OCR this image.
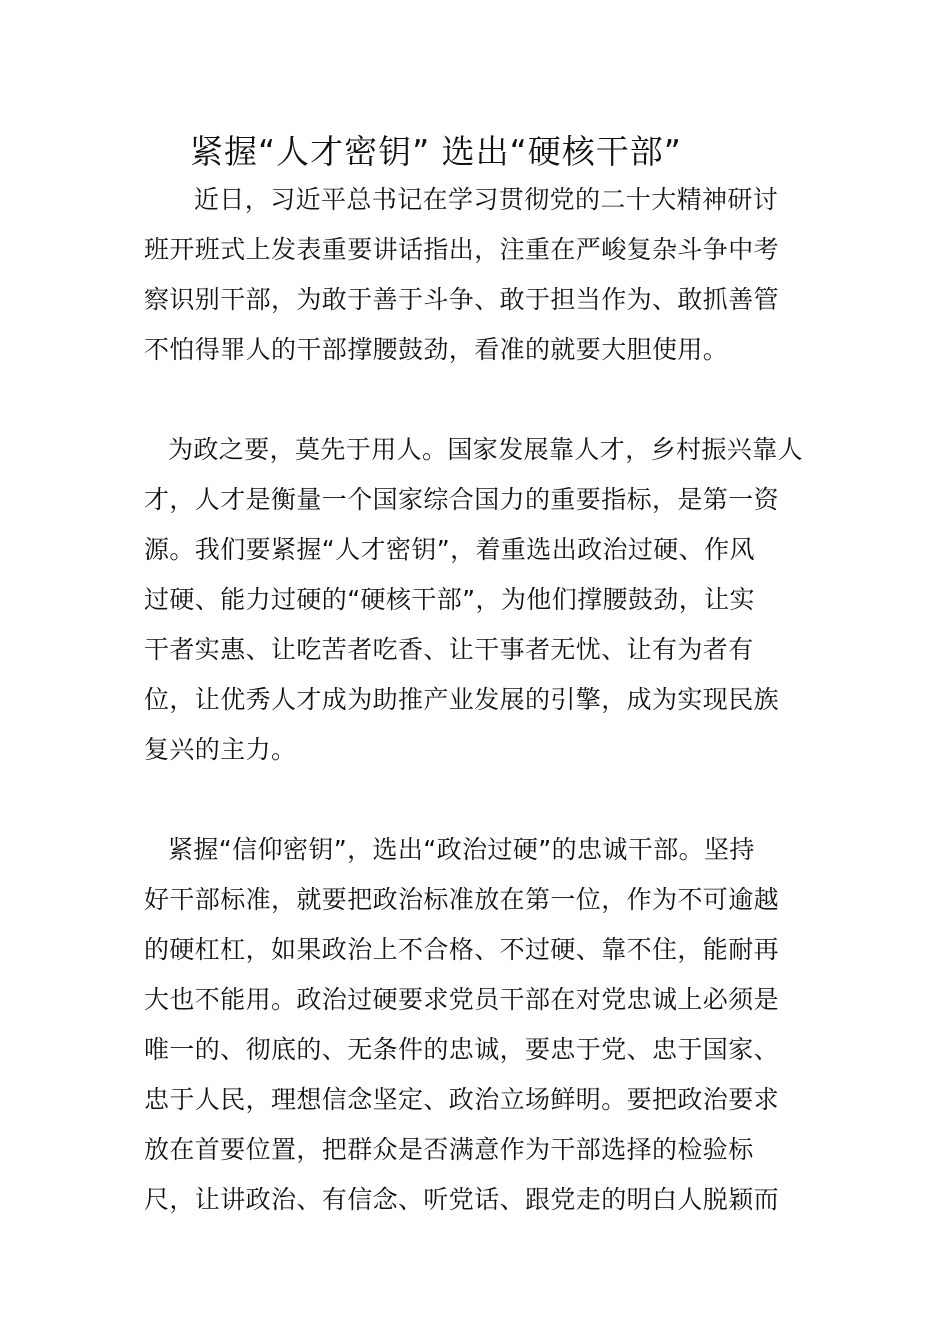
紧握“人才密钥” 选出“硬核干部”
近日，习近平总书记在学习贯彻党的二十大精神研讨
班开班式上发表重要讲话指出，注重在严峻复杂斗争中考
察识别干部，为敢于善于斗争、敢于担当作为、敢抓善管
不怕得罪人的干部撑腰鼓劲，看准的就要大胆使用。
为政之要，莫先于用人。国家发展靠人才，乡村振兴靠人
才，人才是衡量一个国家综合国力的重要指标，是第一资
源。我们要紧握“人才密钥”，着重选出政治过硬、作风
过硬、能力过硬的“硬核干部”，为他们撑腰鼓劲，让实
干者实惠、让吃苦者吃香、让干事者无忧、让有为者有
位，让优秀人才成为助推产业发展的引擎，成为实现民族
复兴的主力。
紧握“信仰密钥”，选出“政治过硬”的忠诚干部。坚持
好干部标准，就要把政治标准放在第一位，作为不可逾越
的硬杠杠，如果政治上不合格、不过硬、靠不住，能耐再
大也不能用。政治过硬要求党员干部在对党忠诚上必须是
唯一的、彻底的、无条件的忠诚，要忠于党、忠于国家、
忠于人民，理想信念坚定、政治立场鲜明。要把政治要求
放在首要位置，把群众是否满意作为干部选择的检验标
尺，让讲政治、有信念、听党话、跟党走的明白人脱颖而
